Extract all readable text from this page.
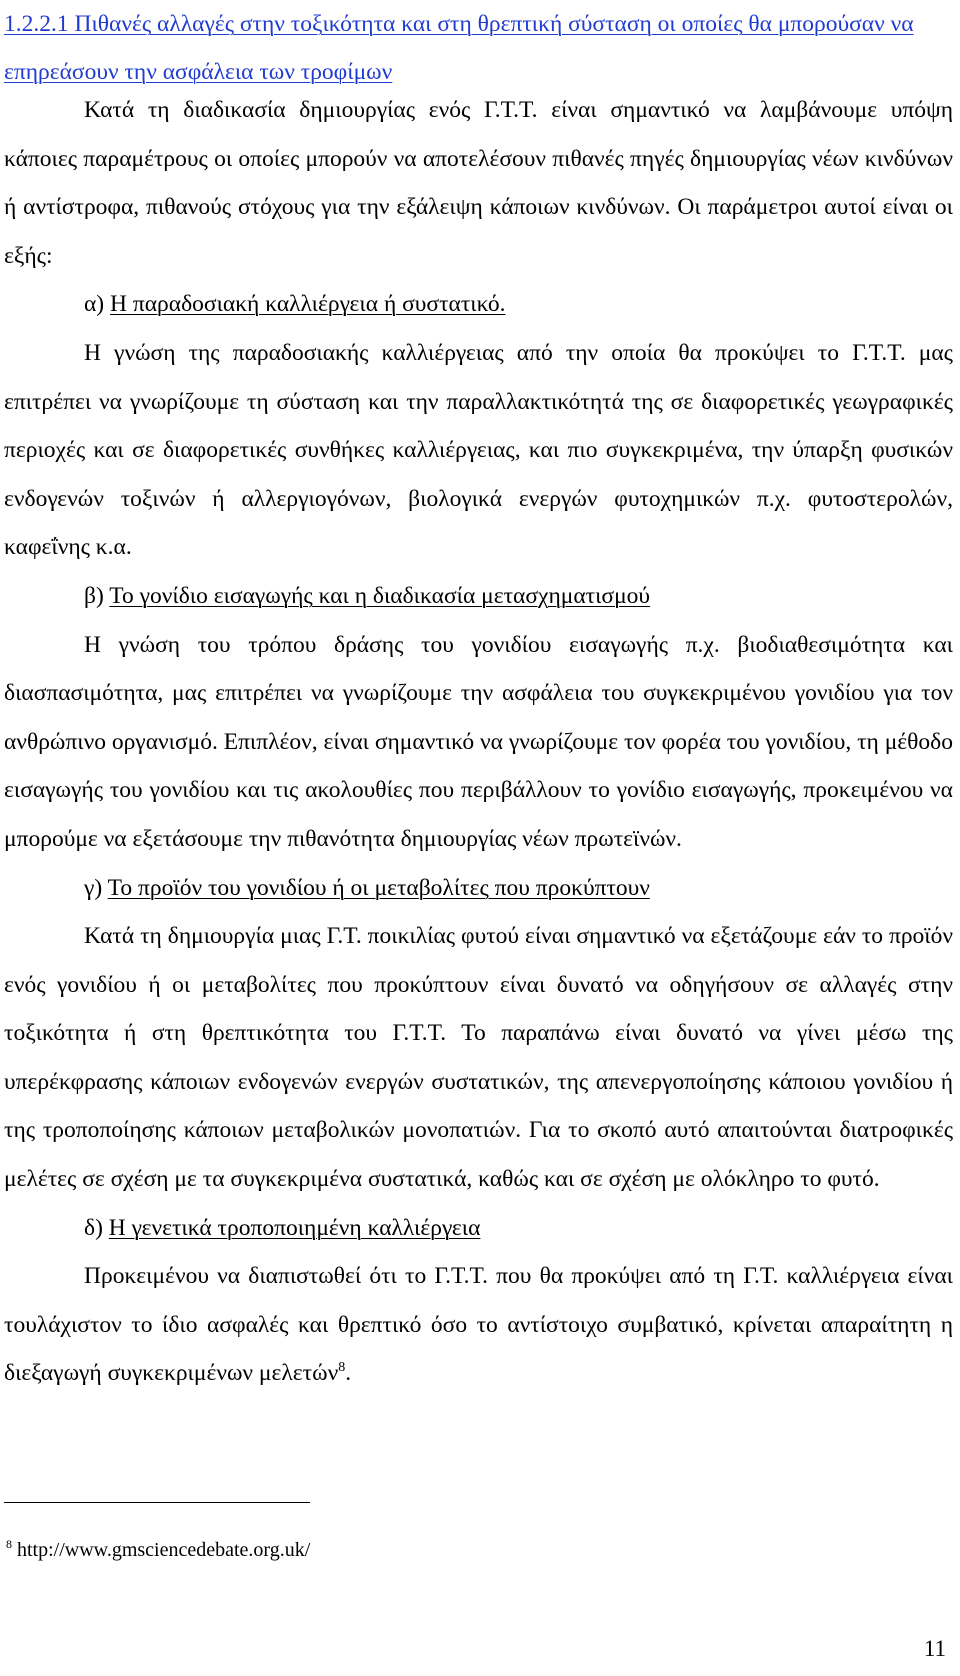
1.2.2.1 Πιθανές αλλαγές στην τοξικότητα και στη θρεπτική σύσταση οι οποίες θα μπορούσαν να επηρεάσουν την ασφάλεια των τροφίμων

Κατά τη διαδικασία δημιουργίας ενός Γ.Τ.Τ. είναι σημαντικό να λαμβάνουμε υπόψη κάποιες παραμέτρους οι οποίες μπορούν να αποτελέσουν πιθανές πηγές δημιουργίας νέων κινδύνων ή αντίστροφα, πιθανούς στόχους για την εξάλειψη κάποιων κινδύνων. Οι παράμετροι αυτοί είναι οι εξής:

α) Η παραδοσιακή καλλιέργεια ή συστατικό.

Η γνώση της παραδοσιακής καλλιέργειας από την οποία θα προκύψει το Γ.Τ.Τ. μας επιτρέπει να γνωρίζουμε τη σύσταση και την παραλλακτικότητά της σε διαφορετικές γεωγραφικές περιοχές και σε διαφορετικές συνθήκες καλλιέργειας, και πιο συγκεκριμένα, την ύπαρξη φυσικών ενδογενών τοξινών ή αλλεργιογόνων, βιολογικά ενεργών φυτοχημικών π.χ. φυτοστερολών, καφεΐνης κ.α.

β) Το γονίδιο εισαγωγής και η διαδικασία μετασχηματισμού

Η γνώση του τρόπου δράσης του γονιδίου εισαγωγής π.χ. βιοδιαθεσιμότητα και διασπασιμότητα, μας επιτρέπει να γνωρίζουμε την ασφάλεια του συγκεκριμένου γονιδίου για τον ανθρώπινο οργανισμό. Επιπλέον, είναι σημαντικό να γνωρίζουμε τον φορέα του γονιδίου, τη μέθοδο εισαγωγής του γονιδίου και τις ακολουθίες που περιβάλλουν το γονίδιο εισαγωγής, προκειμένου να μπορούμε να εξετάσουμε την πιθανότητα δημιουργίας νέων πρωτεϊνών.

γ) Το προϊόν του γονιδίου ή οι μεταβολίτες που προκύπτουν

Κατά τη δημιουργία μιας Γ.Τ. ποικιλίας φυτού είναι σημαντικό να εξετάζουμε εάν το προϊόν ενός γονιδίου ή οι μεταβολίτες που προκύπτουν είναι δυνατό να οδηγήσουν σε αλλαγές στην τοξικότητα ή στη θρεπτικότητα του Γ.Τ.Τ. Το παραπάνω είναι δυνατό να γίνει μέσω της υπερέκφρασης κάποιων ενδογενών ενεργών συστατικών, της απενεργοποίησης κάποιου γονιδίου ή της τροποποίησης κάποιων μεταβολικών μονοπατιών. Για το σκοπό αυτό απαιτούνται διατροφικές μελέτες σε σχέση με τα συγκεκριμένα συστατικά, καθώς και σε σχέση με ολόκληρο το φυτό.

δ) Η γενετικά τροποποιημένη καλλιέργεια

Προκειμένου να διαπιστωθεί ότι το Γ.Τ.Τ. που θα προκύψει από τη Γ.Τ. καλλιέργεια είναι τουλάχιστον το ίδιο ασφαλές και θρεπτικό όσο το αντίστοιχο συμβατικό, κρίνεται απαραίτητη η διεξαγωγή συγκεκριμένων μελετών$^8$.

$^8$ http://www.gmsciencedebate.org.uk/
11
